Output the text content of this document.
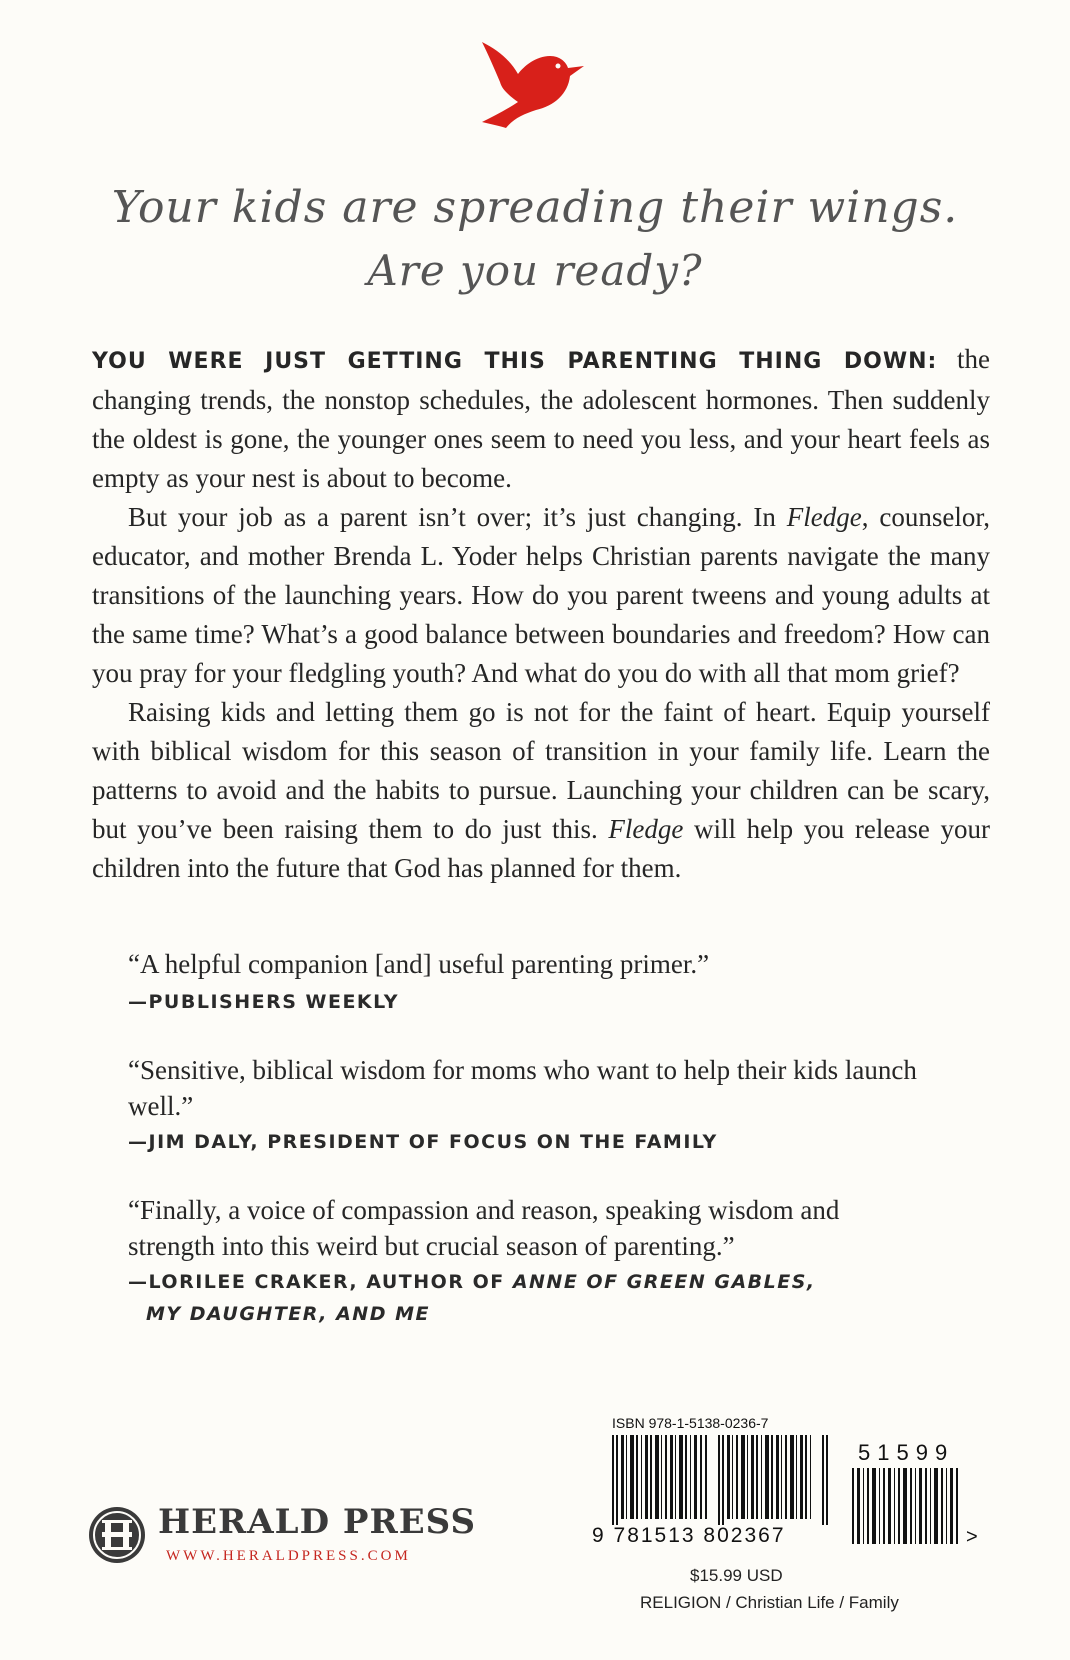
Your kids are spreading their wings.
Are you ready?

YOU WERE JUST GETTING THIS PARENTING THING DOWN: the changing trends, the nonstop schedules, the adolescent hormones. Then suddenly the oldest is gone, the younger ones seem to need you less, and your heart feels as empty as your nest is about to become.

But your job as a parent isn’t over; it’s just changing. In Fledge, counselor, educator, and mother Brenda L. Yoder helps Christian parents navigate the many transitions of the launching years. How do you parent tweens and young adults at the same time? What’s a good balance between boundaries and freedom? How can you pray for your fledgling youth? And what do you do with all that mom grief?

Raising kids and letting them go is not for the faint of heart. Equip yourself with biblical wisdom for this season of transition in your family life. Learn the patterns to avoid and the habits to pursue. Launching your children can be scary, but you’ve been raising them to do just this. Fledge will help you release your children into the future that God has planned for them.

“A helpful companion [and] useful parenting primer.”
—PUBLISHERS WEEKLY
“Sensitive, biblical wisdom for moms who want to help their kids launch well.”
—JIM DALY, PRESIDENT OF FOCUS ON THE FAMILY
“Finally, a voice of compassion and reason, speaking wisdom and strength into this weird but crucial season of parenting.”
—LORILEE CRAKER, AUTHOR OF ANNE OF GREEN GABLES,
MY DAUGHTER, AND ME
ISBN 978-1-5138-0236-7
51599
9 781513 802367	>
$15.99 USD
RELIGION / Christian Life / Family
HERALD PRESS
WWW.HERALDPRESS.COM
